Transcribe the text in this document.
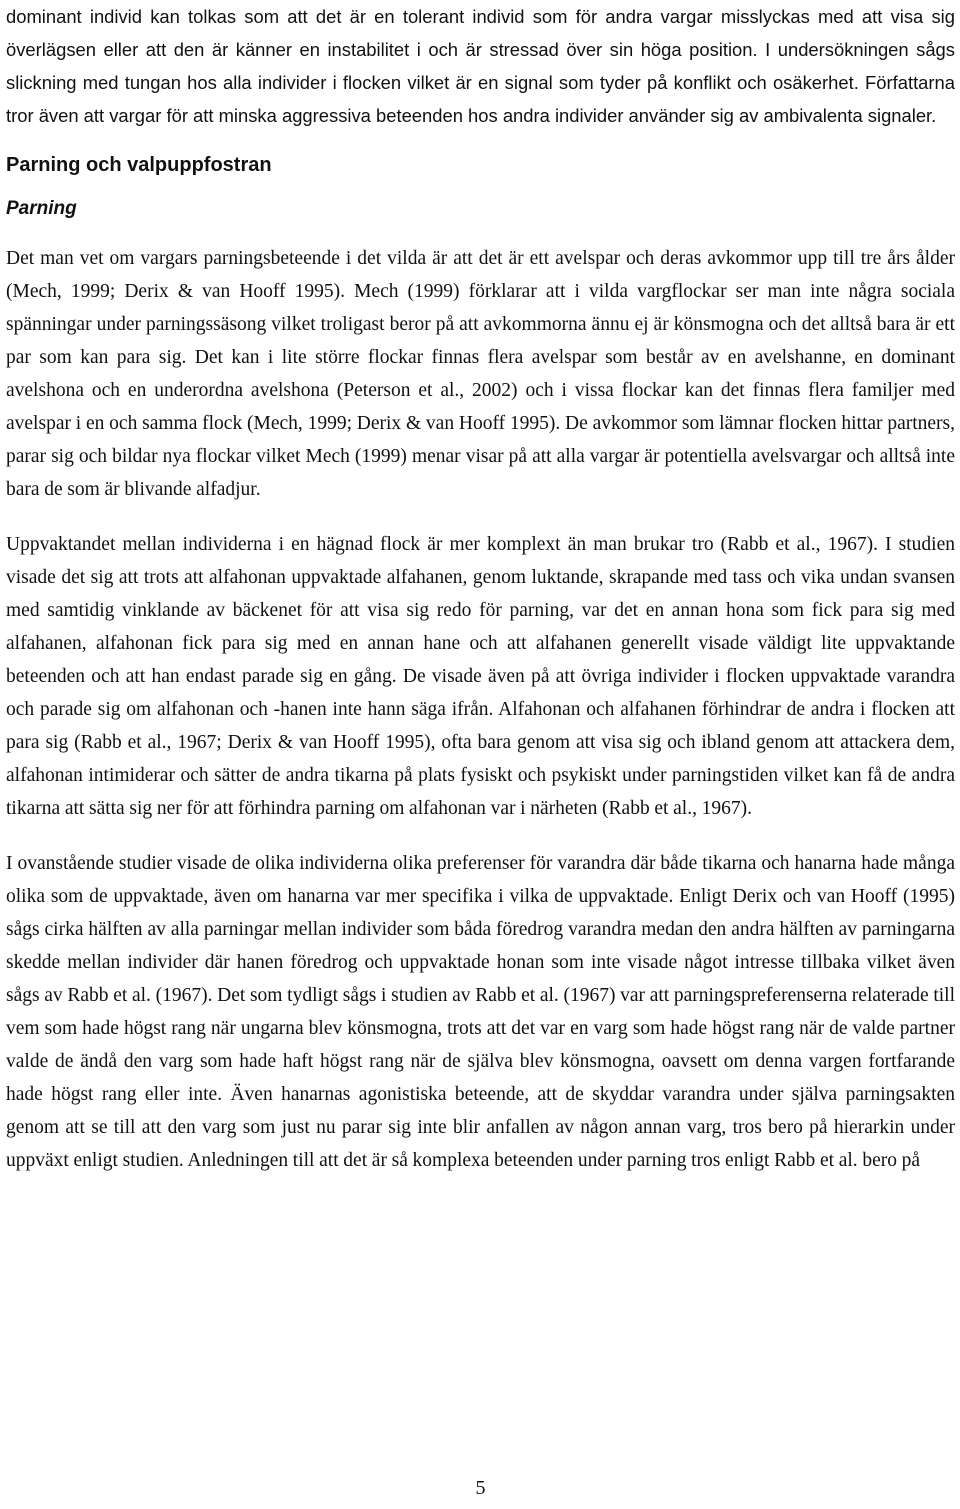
dominant individ kan tolkas som att det är en tolerant individ som för andra vargar misslyckas med att visa sig överlägsen eller att den är känner en instabilitet i och är stressad över sin höga position. I undersökningen sågs slickning med tungan hos alla individer i flocken vilket är en signal som tyder på konflikt och osäkerhet. Författarna tror även att vargar för att minska aggressiva beteenden hos andra individer använder sig av ambivalenta signaler.

Parning och valpuppfostran
Parning

Det man vet om vargars parningsbeteende i det vilda är att det är ett avelspar och deras avkommor upp till tre års ålder (Mech, 1999; Derix & van Hooff 1995). Mech (1999) förklarar att i vilda vargflockar ser man inte några sociala spänningar under parningssäsong vilket troligast beror på att avkommorna ännu ej är könsmogna och det alltså bara är ett par som kan para sig. Det kan i lite större flockar finnas flera avelspar som består av en avelshanne, en dominant avelshona och en underordna avelshona (Peterson et al., 2002) och i vissa flockar kan det finnas flera familjer med avelspar i en och samma flock (Mech, 1999; Derix & van Hooff 1995). De avkommor som lämnar flocken hittar partners, parar sig och bildar nya flockar vilket Mech (1999) menar visar på att alla vargar är potentiella avelsvargar och alltså inte bara de som är blivande alfadjur.

Uppvaktandet mellan individerna i en hägnad flock är mer komplext än man brukar tro (Rabb et al., 1967). I studien visade det sig att trots att alfahonan uppvaktade alfahanen, genom luktande, skrapande med tass och vika undan svansen med samtidig vinklande av bäckenet för att visa sig redo för parning, var det en annan hona som fick para sig med alfahanen, alfahonan fick para sig med en annan hane och att alfahanen generellt visade väldigt lite uppvaktande beteenden och att han endast parade sig en gång. De visade även på att övriga individer i flocken uppvaktade varandra och parade sig om alfahonan och -hanen inte hann säga ifrån. Alfahonan och alfahanen förhindrar de andra i flocken att para sig (Rabb et al., 1967; Derix & van Hooff 1995), ofta bara genom att visa sig och ibland genom att attackera dem, alfahonan intimiderar och sätter de andra tikarna på plats fysiskt och psykiskt under parningstiden vilket kan få de andra tikarna att sätta sig ner för att förhindra parning om alfahonan var i närheten (Rabb et al., 1967).

I ovanstående studier visade de olika individerna olika preferenser för varandra där både tikarna och hanarna hade många olika som de uppvaktade, även om hanarna var mer specifika i vilka de uppvaktade. Enligt Derix och van Hooff (1995) sågs cirka hälften av alla parningar mellan individer som båda föredrog varandra medan den andra hälften av parningarna skedde mellan individer där hanen föredrog och uppvaktade honan som inte visade något intresse tillbaka vilket även sågs av Rabb et al. (1967). Det som tydligt sågs i studien av Rabb et al. (1967) var att parningspreferenserna relaterade till vem som hade högst rang när ungarna blev könsmogna, trots att det var en varg som hade högst rang när de valde partner valde de ändå den varg som hade haft högst rang när de själva blev könsmogna, oavsett om denna vargen fortfarande hade högst rang eller inte. Även hanarnas agonistiska beteende, att de skyddar varandra under själva parningsakten genom att se till att den varg som just nu parar sig inte blir anfallen av någon annan varg, tros bero på hierarkin under uppväxt enligt studien. Anledningen till att det är så komplexa beteenden under parning tros enligt Rabb et al. bero på

5
